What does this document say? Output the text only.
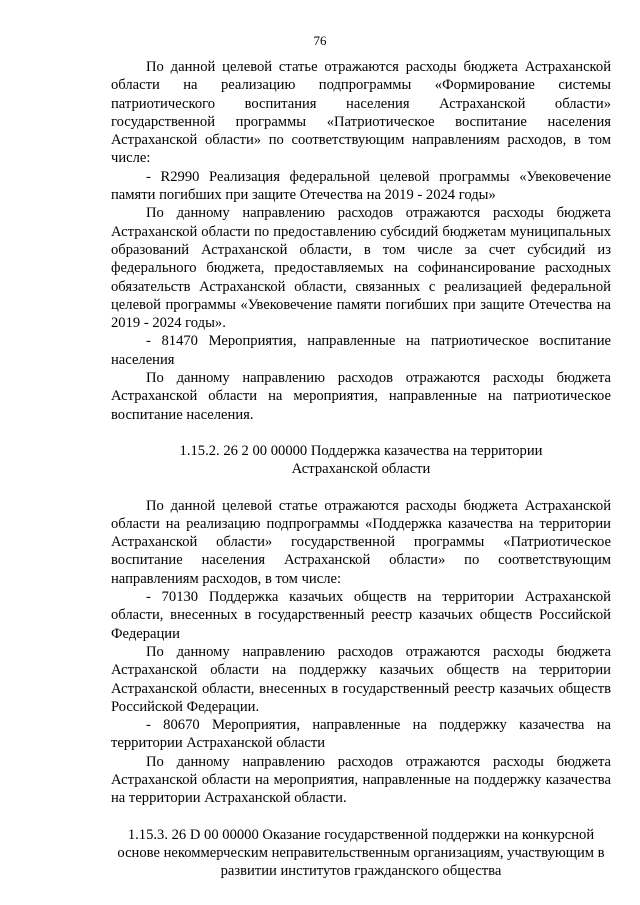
76

По данной целевой статье отражаются расходы бюджета Астраханской области на реализацию подпрограммы «Формирование системы патриотического воспитания населения Астраханской области» государственной программы «Патриотическое воспитание населения Астраханской области» по соответствующим направлениям расходов, в том числе:

- R2990 Реализация федеральной целевой программы «Увековечение памяти погибших при защите Отечества на 2019 - 2024 годы»

По данному направлению расходов отражаются расходы бюджета Астраханской области по предоставлению субсидий бюджетам муниципальных образований Астраханской области, в том числе за счет субсидий из федерального бюджета, предоставляемых на софинансирование расходных обязательств Астраханской области, связанных с реализацией федеральной целевой программы «Увековечение памяти погибших при защите Отечества на 2019 - 2024 годы».

- 81470 Мероприятия, направленные на патриотическое воспитание населения

По данному направлению расходов отражаются расходы бюджета Астраханской области на мероприятия, направленные на патриотическое воспитание населения.

1.15.2. 26 2 00 00000 Поддержка казачества на территории Астраханской области

По данной целевой статье отражаются расходы бюджета Астраханской области на реализацию подпрограммы «Поддержка казачества на территории Астраханской области» государственной программы «Патриотическое воспитание населения Астраханской области» по соответствующим направлениям расходов, в том числе:

- 70130 Поддержка казачьих обществ на территории Астраханской области, внесенных в государственный реестр казачьих обществ Российской Федерации

По данному направлению расходов отражаются расходы бюджета Астраханской области на поддержку казачьих обществ на территории Астраханской области, внесенных в государственный реестр казачьих обществ Российской Федерации.

- 80670 Мероприятия, направленные на поддержку казачества на территории Астраханской области

По данному направлению расходов отражаются расходы бюджета Астраханской области на мероприятия, направленные на поддержку казачества на территории Астраханской области.

1.15.3. 26 D 00 00000 Оказание государственной поддержки на конкурсной основе некоммерческим неправительственным организациям, участвующим в развитии институтов гражданского общества
